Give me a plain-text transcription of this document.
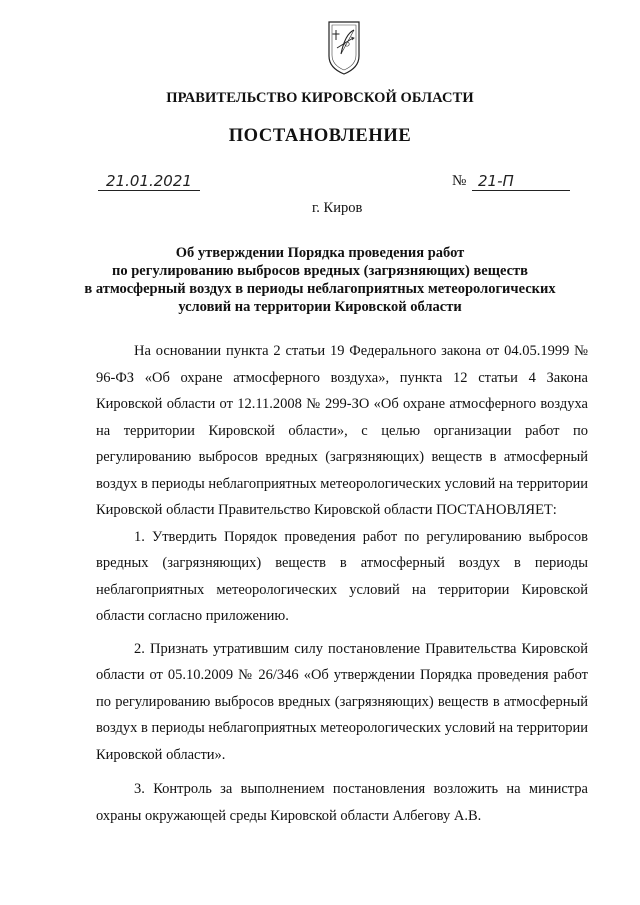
ПРАВИТЕЛЬСТВО КИРОВСКОЙ ОБЛАСТИ
ПОСТАНОВЛЕНИЕ
21.01.2021	№ 21-П
г. Киров
Об утверждении Порядка проведения работ
по регулированию выбросов вредных (загрязняющих) веществ
в атмосферный воздух в периоды неблагоприятных метеорологических
условий на территории Кировской области
На основании пункта 2 статьи 19 Федерального закона от 04.05.1999 № 96-ФЗ «Об охране атмосферного воздуха», пункта 12 статьи 4 Закона Кировской области от 12.11.2008 № 299-ЗО «Об охране атмосферного воздуха на территории Кировской области», с целью организации работ по регулированию выбросов вредных (загрязняющих) веществ в атмосферный воздух в периоды неблагоприятных метеорологических условий на территории Кировской области Правительство Кировской области ПОСТАНОВЛЯЕТ:
1. Утвердить Порядок проведения работ по регулированию выбросов вредных (загрязняющих) веществ в атмосферный воздух в периоды неблагоприятных метеорологических условий на территории Кировской области согласно приложению.
2. Признать утратившим силу постановление Правительства Кировской области от 05.10.2009 № 26/346 «Об утверждении Порядка проведения работ по регулированию выбросов вредных (загрязняющих) веществ в атмосферный воздух в периоды неблагоприятных метеорологических условий на территории Кировской области».
3. Контроль за выполнением постановления возложить на министра охраны окружающей среды Кировской области Албегову А.В.
